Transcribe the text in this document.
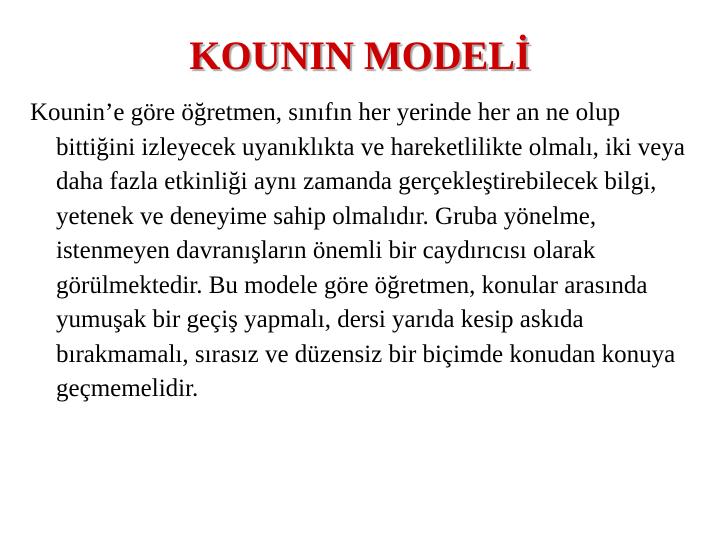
KOUNIN MODELİ

Kounin’e göre öğretmen, sınıfın her yerinde her an ne olup bittiğini izleyecek uyanıklıkta ve hareketlilikte olmalı, iki veya daha fazla etkinliği aynı zamanda gerçekleştirebilecek bilgi, yetenek ve deneyime sahip olmalıdır. Gruba yönelme, istenmeyen davranışların önemli bir caydırıcısı olarak görülmektedir. Bu modele göre öğretmen, konular arasında yumuşak bir geçiş yapmalı, dersi yarıda kesip askıda bırakmamalı, sırasız ve düzensiz bir biçimde konudan konuya geçmemelidir.
